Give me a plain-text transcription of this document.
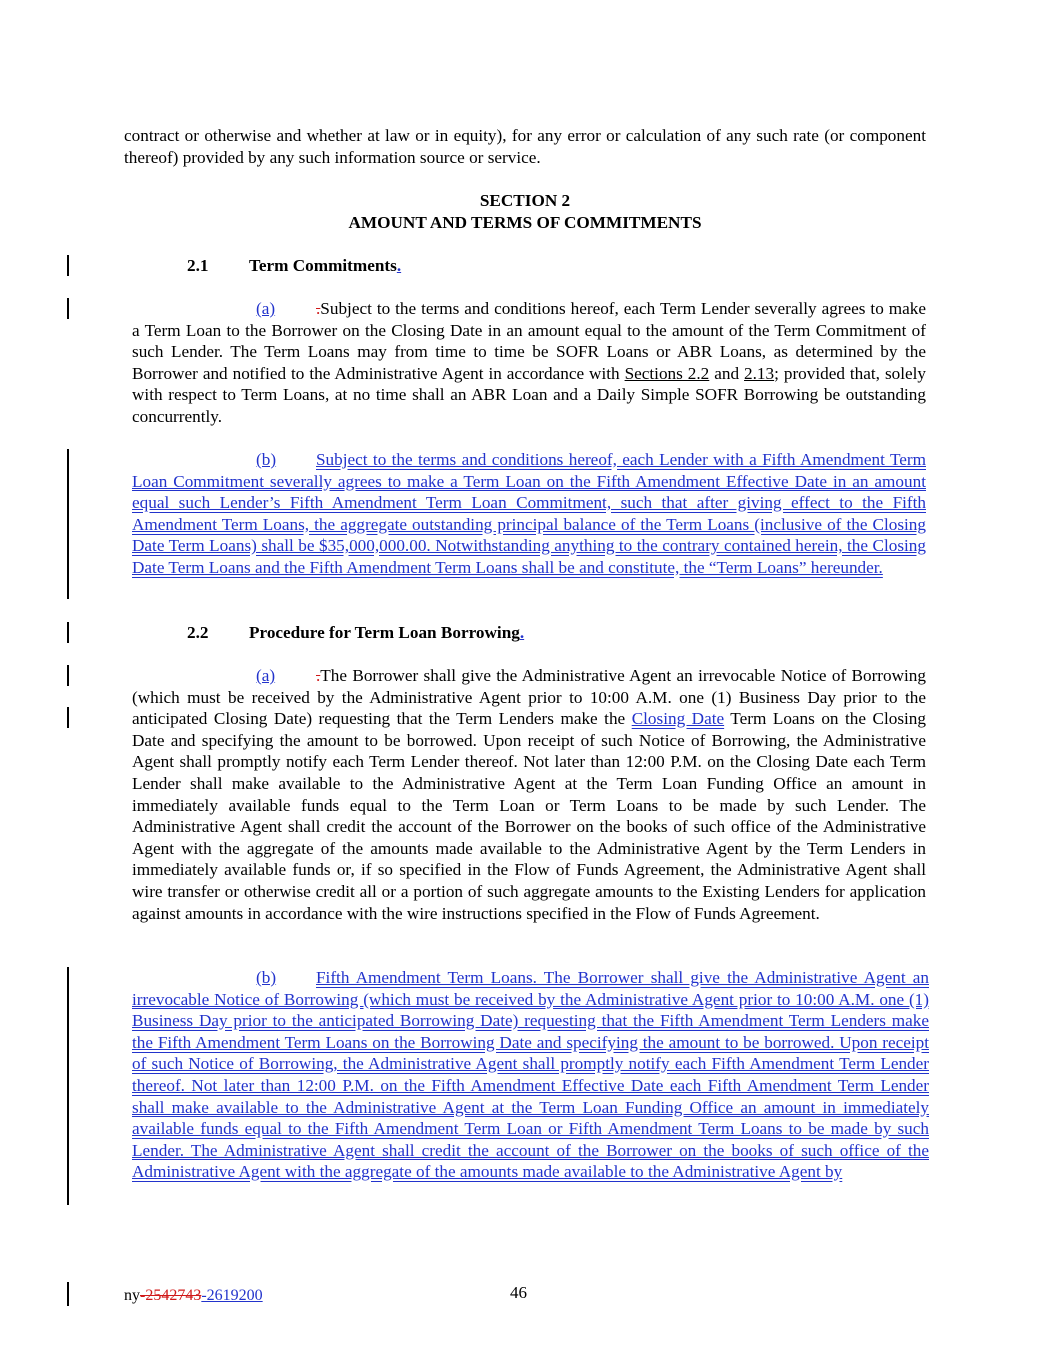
contract or otherwise and whether at law or in equity), for any error or calculation of any such rate (or component thereof) provided by any such information source or service.
SECTION 2
AMOUNT AND TERMS OF COMMITMENTS
2.1 Term Commitments.
(a) .Subject to the terms and conditions hereof, each Term Lender severally agrees to make a Term Loan to the Borrower on the Closing Date in an amount equal to the amount of the Term Commitment of such Lender. The Term Loans may from time to time be SOFR Loans or ABR Loans, as determined by the Borrower and notified to the Administrative Agent in accordance with Sections 2.2 and 2.13; provided that, solely with respect to Term Loans, at no time shall an ABR Loan and a Daily Simple SOFR Borrowing be outstanding concurrently.
(b) Subject to the terms and conditions hereof, each Lender with a Fifth Amendment Term Loan Commitment severally agrees to make a Term Loan on the Fifth Amendment Effective Date in an amount equal such Lender’s Fifth Amendment Term Loan Commitment, such that after giving effect to the Fifth Amendment Term Loans, the aggregate outstanding principal balance of the Term Loans (inclusive of the Closing Date Term Loans) shall be $35,000,000.00. Notwithstanding anything to the contrary contained herein, the Closing Date Term Loans and the Fifth Amendment Term Loans shall be and constitute, the “Term Loans” hereunder.
2.2 Procedure for Term Loan Borrowing.
(a) .The Borrower shall give the Administrative Agent an irrevocable Notice of Borrowing (which must be received by the Administrative Agent prior to 10:00 A.M. one (1) Business Day prior to the anticipated Closing Date) requesting that the Term Lenders make the Closing Date Term Loans on the Closing Date and specifying the amount to be borrowed. Upon receipt of such Notice of Borrowing, the Administrative Agent shall promptly notify each Term Lender thereof. Not later than 12:00 P.M. on the Closing Date each Term Lender shall make available to the Administrative Agent at the Term Loan Funding Office an amount in immediately available funds equal to the Term Loan or Term Loans to be made by such Lender. The Administrative Agent shall credit the account of the Borrower on the books of such office of the Administrative Agent with the aggregate of the amounts made available to the Administrative Agent by the Term Lenders in immediately available funds or, if so specified in the Flow of Funds Agreement, the Administrative Agent shall wire transfer or otherwise credit all or a portion of such aggregate amounts to the Existing Lenders for application against amounts in accordance with the wire instructions specified in the Flow of Funds Agreement.
(b) Fifth Amendment Term Loans. The Borrower shall give the Administrative Agent an irrevocable Notice of Borrowing (which must be received by the Administrative Agent prior to 10:00 A.M. one (1) Business Day prior to the anticipated Borrowing Date) requesting that the Fifth Amendment Term Lenders make the Fifth Amendment Term Loans on the Borrowing Date and specifying the amount to be borrowed. Upon receipt of such Notice of Borrowing, the Administrative Agent shall promptly notify each Fifth Amendment Term Lender thereof. Not later than 12:00 P.M. on the Fifth Amendment Effective Date each Fifth Amendment Term Lender shall make available to the Administrative Agent at the Term Loan Funding Office an amount in immediately available funds equal to the Fifth Amendment Term Loan or Fifth Amendment Term Loans to be made by such Lender. The Administrative Agent shall credit the account of the Borrower on the books of such office of the Administrative Agent with the aggregate of the amounts made available to the Administrative Agent by
ny-2542743-2619200	46
